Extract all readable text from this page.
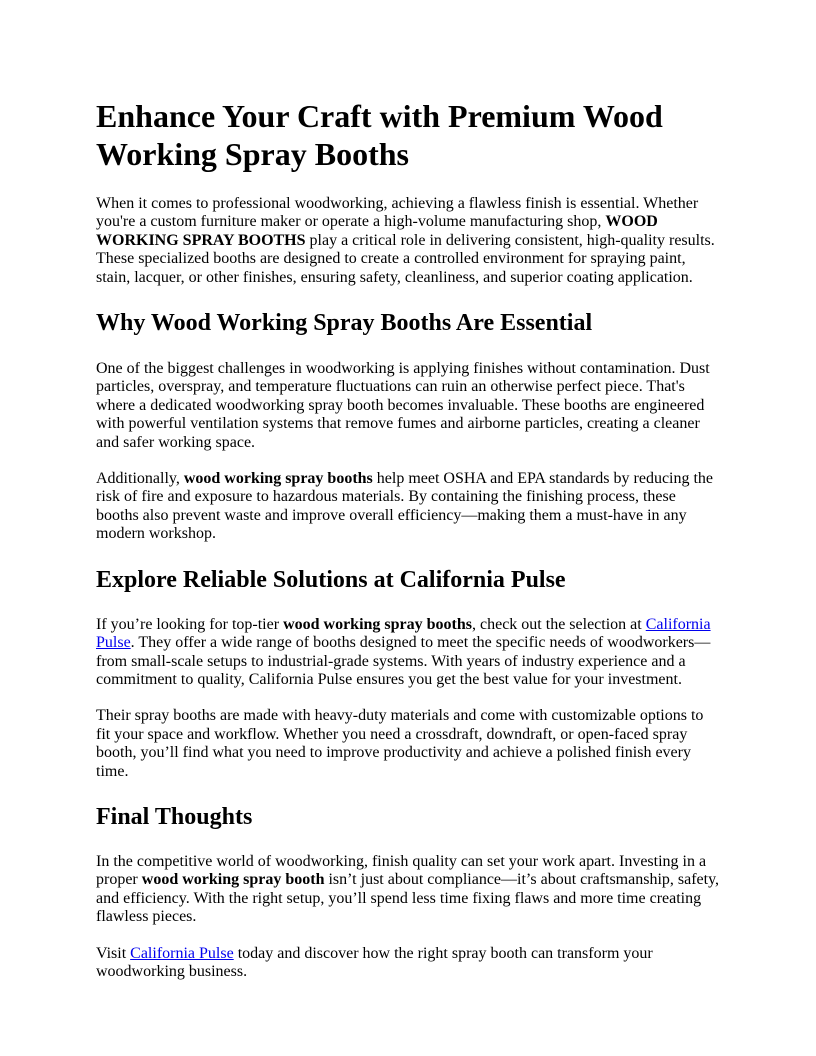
Enhance Your Craft with Premium Wood Working Spray Booths

When it comes to professional woodworking, achieving a flawless finish is essential. Whether you're a custom furniture maker or operate a high-volume manufacturing shop, WOOD WORKING SPRAY BOOTHS play a critical role in delivering consistent, high-quality results. These specialized booths are designed to create a controlled environment for spraying paint, stain, lacquer, or other finishes, ensuring safety, cleanliness, and superior coating application.

Why Wood Working Spray Booths Are Essential

One of the biggest challenges in woodworking is applying finishes without contamination. Dust particles, overspray, and temperature fluctuations can ruin an otherwise perfect piece. That's where a dedicated woodworking spray booth becomes invaluable. These booths are engineered with powerful ventilation systems that remove fumes and airborne particles, creating a cleaner and safer working space.

Additionally, wood working spray booths help meet OSHA and EPA standards by reducing the risk of fire and exposure to hazardous materials. By containing the finishing process, these booths also prevent waste and improve overall efficiency—making them a must-have in any modern workshop.

Explore Reliable Solutions at California Pulse

If you’re looking for top-tier wood working spray booths, check out the selection at California Pulse. They offer a wide range of booths designed to meet the specific needs of woodworkers—from small-scale setups to industrial-grade systems. With years of industry experience and a commitment to quality, California Pulse ensures you get the best value for your investment.

Their spray booths are made with heavy-duty materials and come with customizable options to fit your space and workflow. Whether you need a crossdraft, downdraft, or open-faced spray booth, you’ll find what you need to improve productivity and achieve a polished finish every time.

Final Thoughts

In the competitive world of woodworking, finish quality can set your work apart. Investing in a proper wood working spray booth isn’t just about compliance—it’s about craftsmanship, safety, and efficiency. With the right setup, you’ll spend less time fixing flaws and more time creating flawless pieces.

Visit California Pulse today and discover how the right spray booth can transform your woodworking business.
